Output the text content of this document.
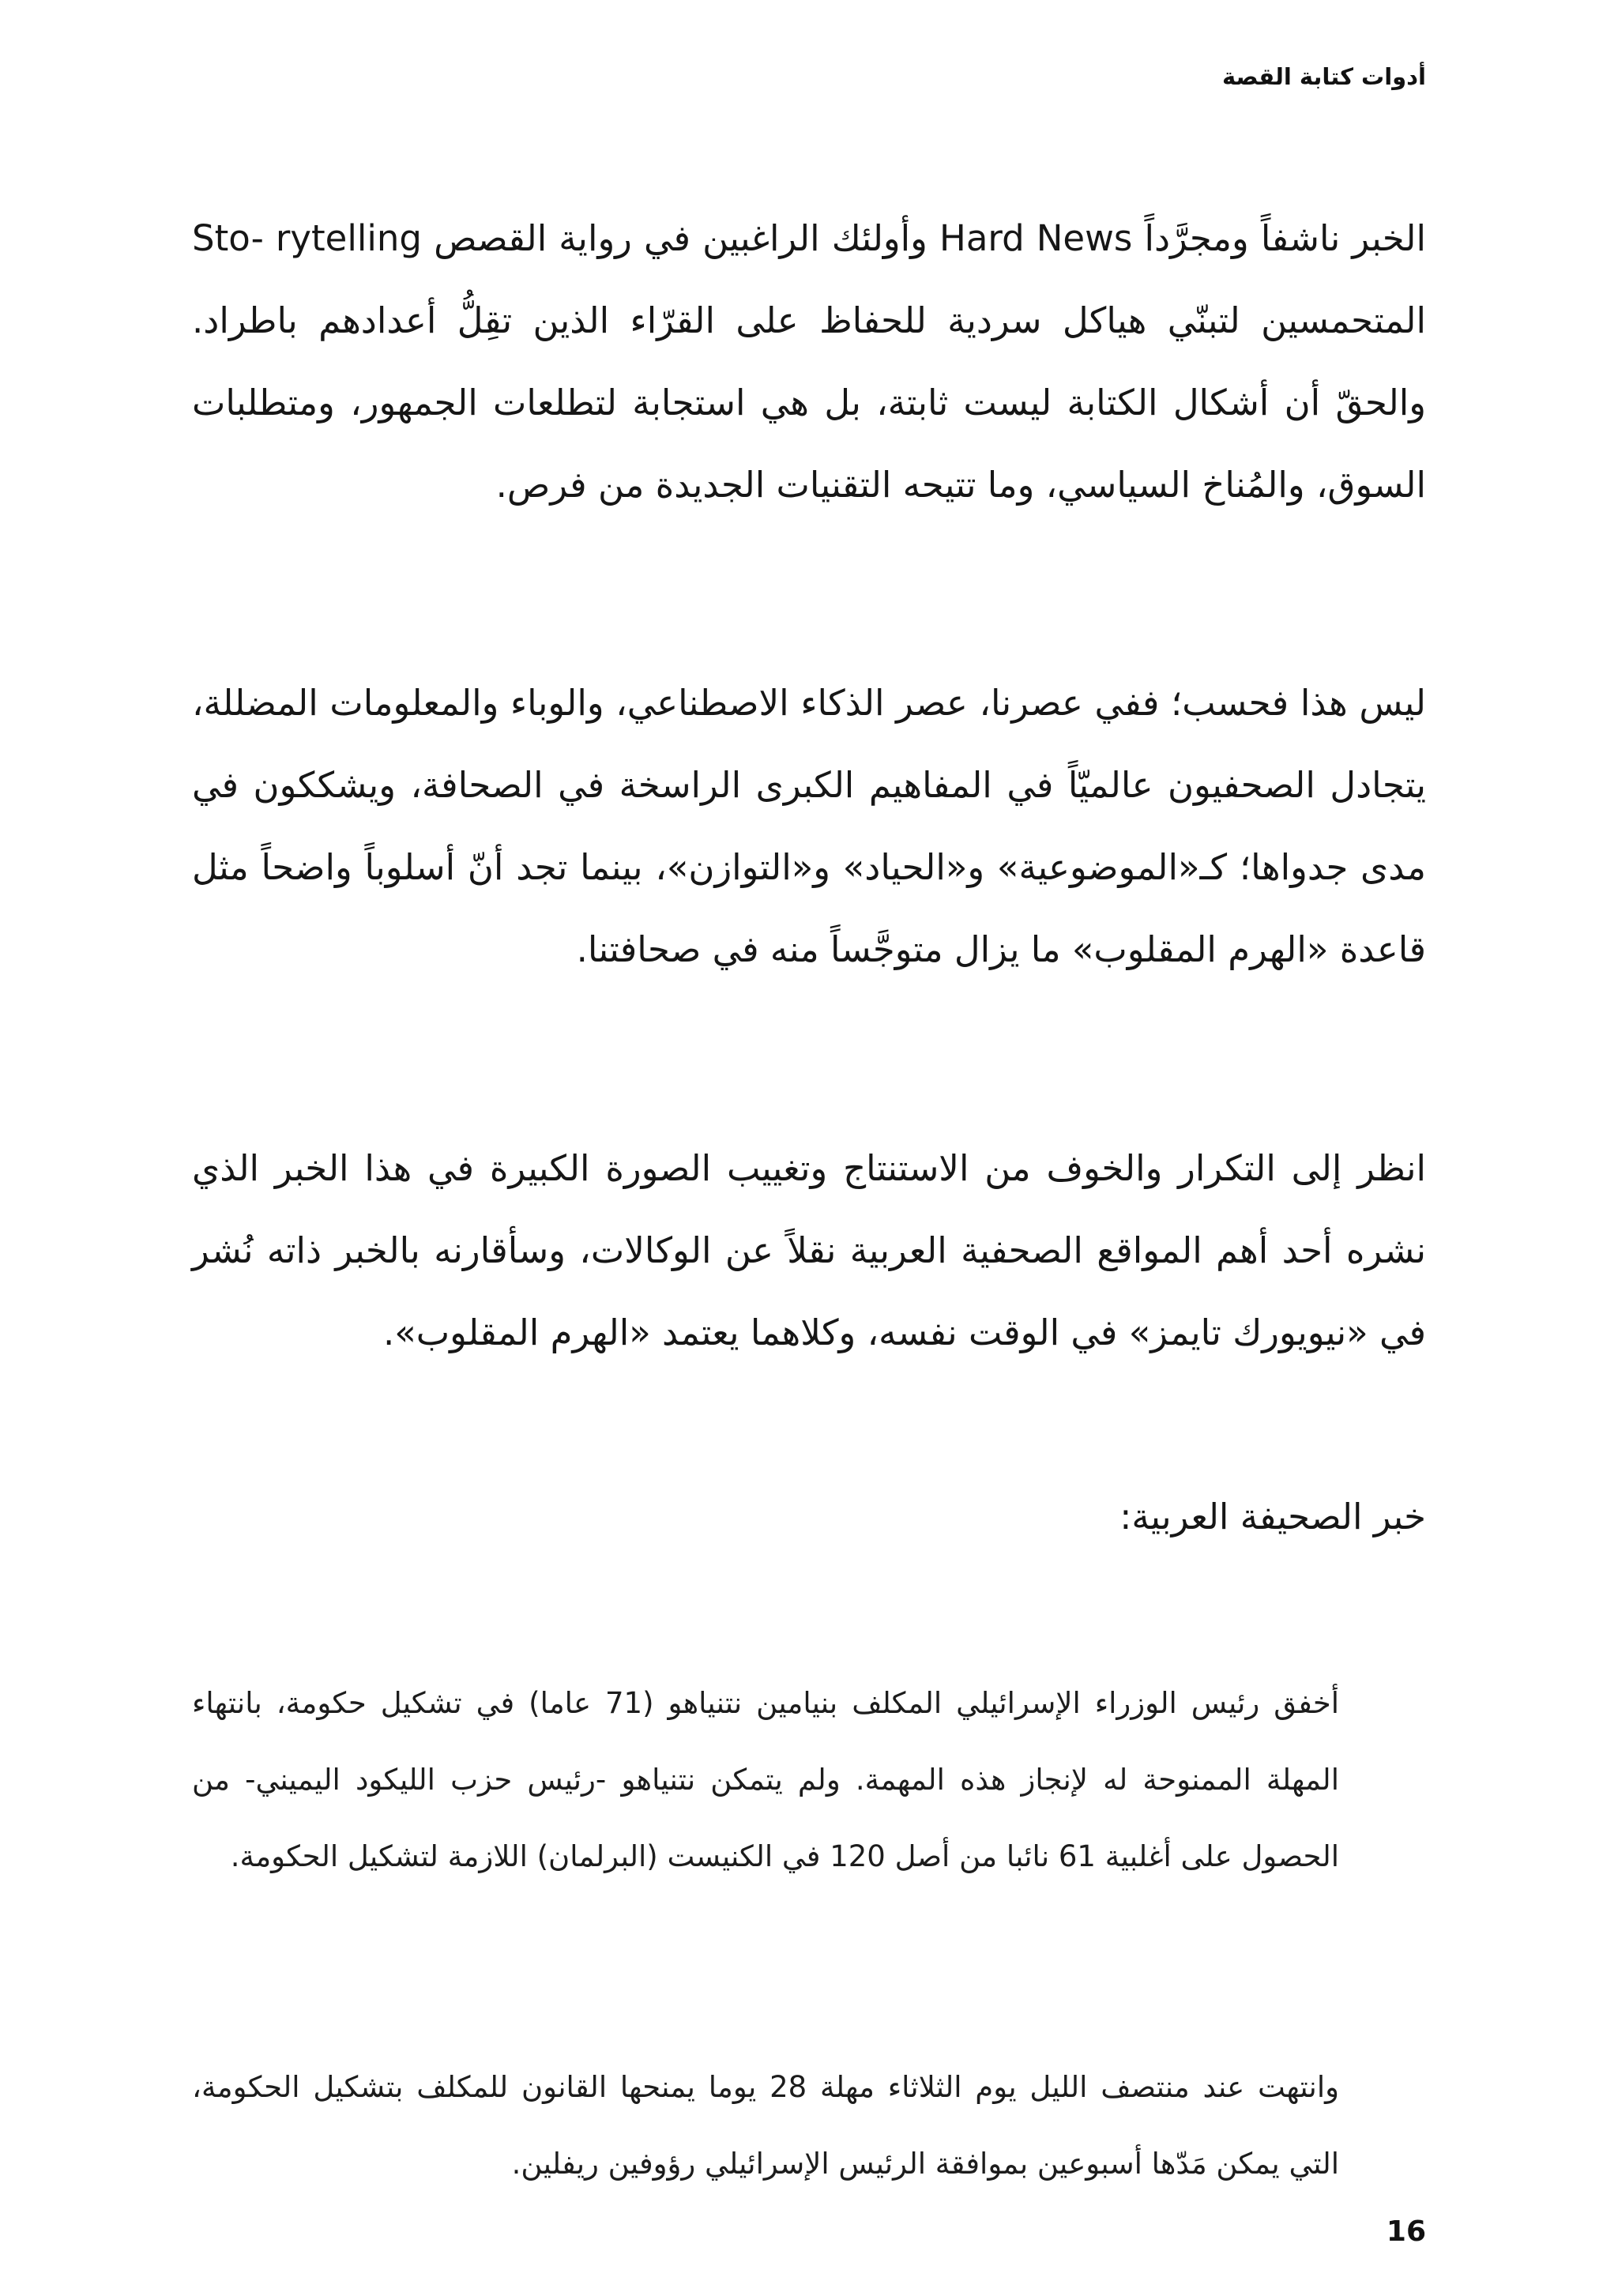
أدوات كتابة القصة

الخبر ناشفاً ومجرَّداً Hard News وأولئك الراغبين في رواية القصص Sto- rytelling المتحمسين لتبنّي هياكل سردية للحفاظ على القرّاء الذين تقِلُّ أعدادهم باطراد. والحقّ أن أشكال الكتابة ليست ثابتة، بل هي استجابة لتطلعات الجمهور، ومتطلبات السوق، والمُناخ السياسي، وما تتيحه التقنيات الجديدة من فرص.

ليس هذا فحسب؛ ففي عصرنا، عصر الذكاء الاصطناعي، والوباء والمعلومات المضللة، يتجادل الصحفيون عالميّاً في المفاهيم الكبرى الراسخة في الصحافة، ويشككون في مدى جدواها؛ كـ«الموضوعية» و«الحياد» و«التوازن»، بينما تجد أنّ أسلوباً واضحاً مثل قاعدة «الهرم المقلوب» ما يزال متوجَّساً منه في صحافتنا.

انظر إلى التكرار والخوف من الاستنتاج وتغييب الصورة الكبيرة في هذا الخبر الذي نشره أحد أهم المواقع الصحفية العربية نقلاً عن الوكالات، وسأقارنه بالخبر ذاته نُشر في «نيويورك تايمز» في الوقت نفسه، وكلاهما يعتمد «الهرم المقلوب».

خبر الصحيفة العربية:

أخفق رئيس الوزراء الإسرائيلي المكلف بنيامين نتنياهو (71 عاما) في تشكيل حكومة، بانتهاء المهلة الممنوحة له لإنجاز هذه المهمة. ولم يتمكن نتنياهو -رئيس حزب الليكود اليميني- من الحصول على أغلبية 61 نائبا من أصل 120 في الكنيست (البرلمان) اللازمة لتشكيل الحكومة.

وانتهت عند منتصف الليل يوم الثلاثاء مهلة 28 يوما يمنحها القانون للمكلف بتشكيل الحكومة، التي يمكن مَدّها أسبوعين بموافقة الرئيس الإسرائيلي رؤوفين ريفلين.

16
